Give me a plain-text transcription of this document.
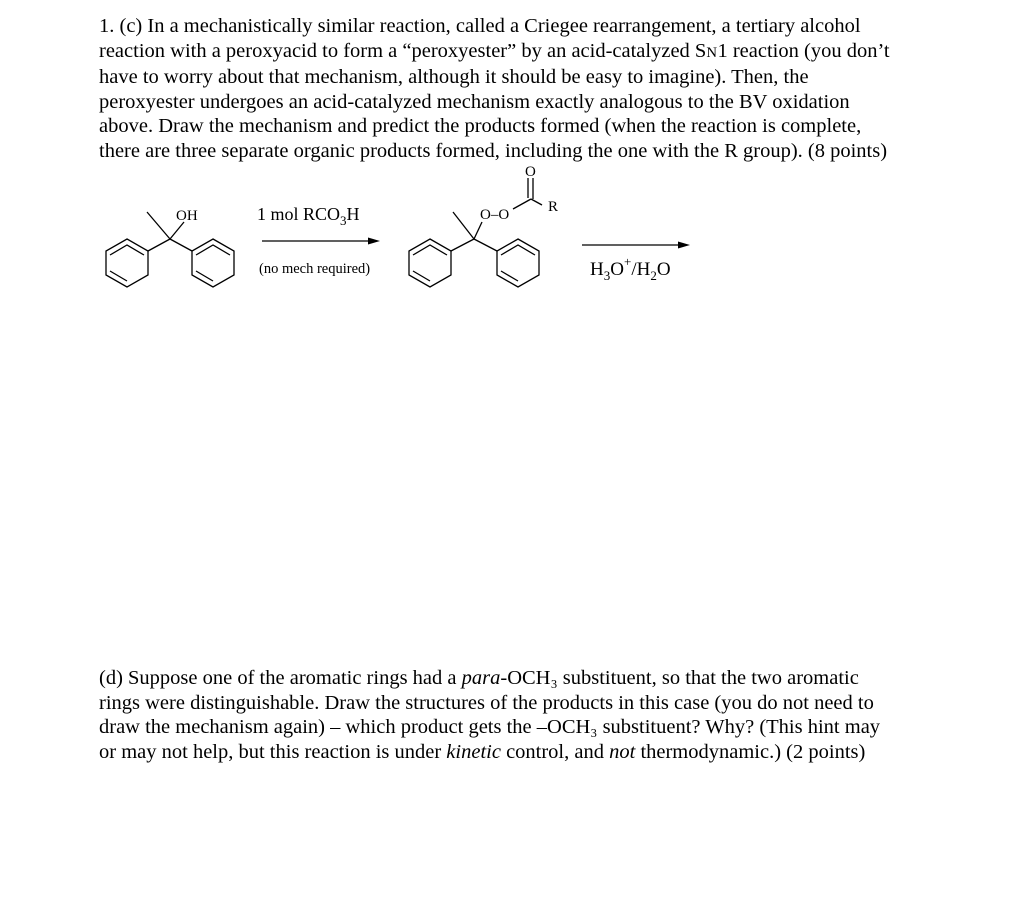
1. (c) In a mechanistically similar reaction, called a Criegee rearrangement, a tertiary alcohol
reaction with a peroxyacid to form a “peroxyester” by an acid-catalyzed SN1 reaction (you don’t
have to worry about that mechanism, although it should be easy to imagine). Then, the
peroxyester undergoes an acid-catalyzed mechanism exactly analogous to the BV oxidation
above. Draw the mechanism and predict the products formed (when the reaction is complete,
there are three separate organic products formed, including the one with the R group). (8 points)
OH	1 mol $RCO_3H$
(no mech required)
O–O
O
R
$H_3O^+/H_2O$
(d) Suppose one of the aromatic rings had a para-OCH₃ substituent, so that the two aromatic
rings were distinguishable. Draw the structures of the products in this case (you do not need to
draw the mechanism again) – which product gets the –OCH₃ substituent? Why? (This hint may
or may not help, but this reaction is under kinetic control, and not thermodynamic.) (2 points)
